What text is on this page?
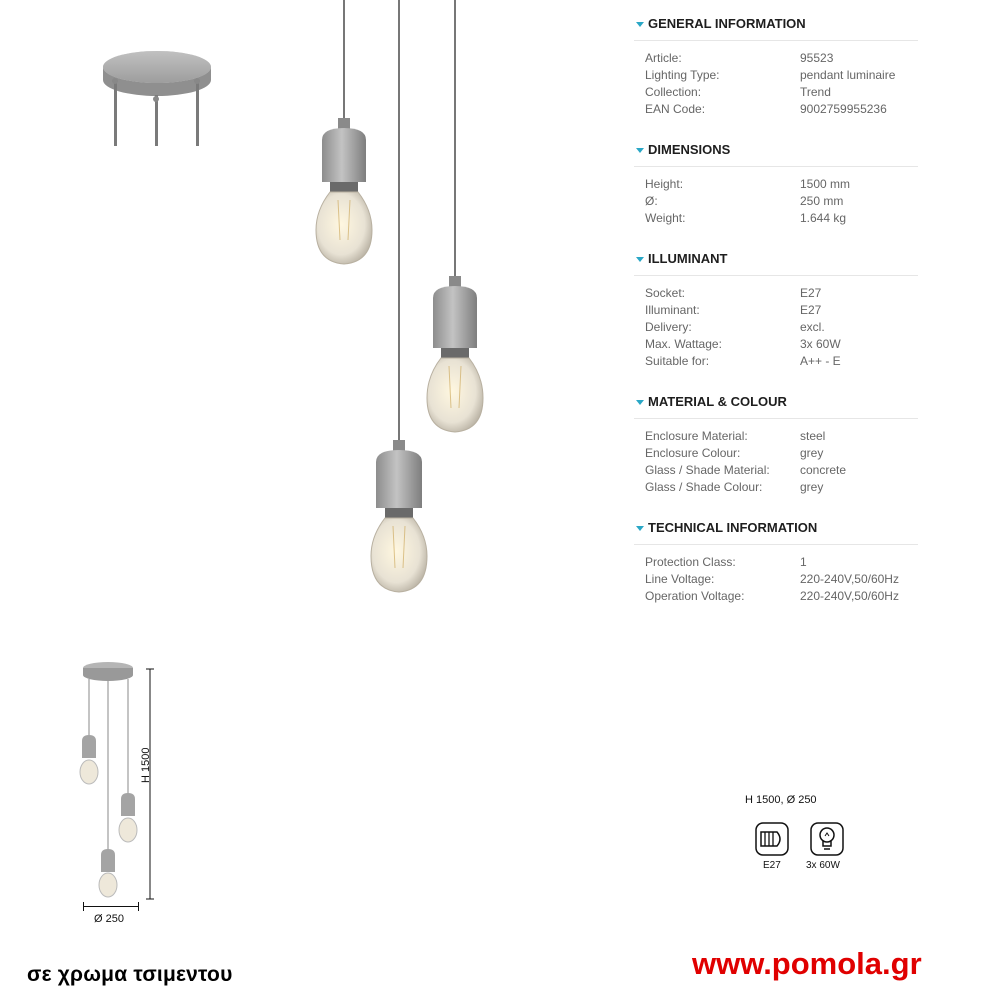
GENERAL INFORMATION
Article:	95523
Lighting Type:	pendant luminaire
Collection:	Trend
EAN Code:	9002759955236
DIMENSIONS
Height:	1500 mm
Ø:	250 mm
Weight:	1.644 kg
ILLUMINANT
Socket:	E27
Illuminant:	E27
Delivery:	excl.
Max. Wattage:	3x 60W
Suitable for:	A++ - E
MATERIAL & COLOUR
Enclosure Material:	steel
Enclosure Colour:	grey
Glass / Shade Material:	concrete
Glass / Shade Colour:	grey
TECHNICAL INFORMATION
Protection Class:	1
Line Voltage:	220-240V,50/60Hz
Operation Voltage:	220-240V,50/60Hz
H 1500
Ø 250
H 1500, Ø 250
E27	3x 60W
σε χρωμα τσιμεντου	www.pomola.gr
